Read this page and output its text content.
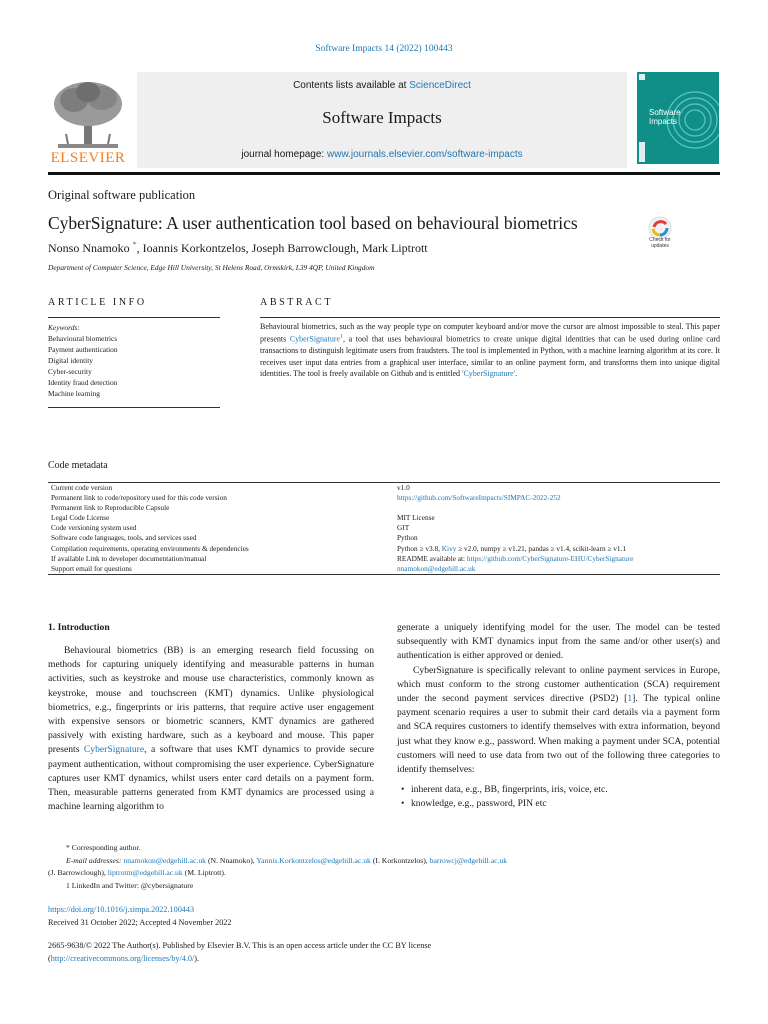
Software Impacts 14 (2022) 100443
ELSEVIER
Contents lists available at ScienceDirect
Software Impacts
journal homepage: www.journals.elsevier.com/software-impacts
Software
Impacts
Original software publication
CyberSignature: A user authentication tool based on behavioural biometrics
Nonso Nnamoko *, Ioannis Korkontzelos, Joseph Barrowclough, Mark Liptrott
Department of Computer Science, Edge Hill University, St Helens Road, Ormskirk, L39 4QP, United Kingdom
Check for
updates
ARTICLE INFO	ABSTRACT
Keywords:
Behavioural biometrics
Payment authentication
Digital identity
Cyber-security
Identity fraud detection
Machine learning
Behavioural biometrics, such as the way people type on computer keyboard and/or move the cursor are almost impossible to steal. This paper presents CyberSignature$^1$, a tool that uses behavioural biometrics to create unique digital identities that can be used during online card transactions to distinguish legitimate users from fraudsters. The tool is implemented in Python, with a machine learning algorithm at its core. It receives user input data entries from a graphical user interface, similar to an online payment form, and transforms them into unique digital identities. The tool is freely available on Github and is entitled 'CyberSignature'.
Code metadata
Current code version	v1.0
Permanent link to code/repository used for this code version	https://github.com/SoftwareImpacts/SIMPAC-2022-252
Permanent link to Reproducible Capsule	
Legal Code License	MIT License
Code versioning system used	GIT
Software code languages, tools, and services used	Python
Compilation requirements, operating environments & dependencies	Python ≥ v3.8, Kivy ≥ v2.0, numpy ≥ v1.21, pandas ≥ v1.4, scikit-learn ≥ v1.1
If available Link to developer documentation/manual	README available at: https://github.com/CyberSignature-EHU/CyberSignature
Support email for questions	nnamokon@edgehill.ac.uk
1. Introduction

Behavioural biometrics (BB) is an emerging research field focussing on methods for capturing uniquely identifying and measurable patterns in human activities, such as keystroke and mouse use characteristics, commonly known as keystroke, mouse and touchscreen (KMT) dynamics. Unlike physiological biometrics, e.g., fingerprints or iris patterns, that require active user engagement with expensive sensors or biometric scanners, KMT dynamics are gathered passively with existing hardware, such as a keyboard and mouse. This paper presents CyberSignature, a software that uses KMT dynamics to provide secure payment authentication, without compromising the user experience. CyberSignature captures user KMT dynamics, whilst users enter card details on a payment form. Then, measurable patterns generated from KMT dynamics are processed using a machine learning algorithm to

generate a uniquely identifying model for the user. The model can be tested subsequently with KMT dynamics input from the same and/or other user(s) and authentication is either approved or denied.

CyberSignature is specifically relevant to online payment services in Europe, which must conform to the strong customer authentication (SCA) requirement under the second payment services directive (PSD2) [1]. The typical online payment scenario requires a user to submit their card details via a payment form and SCA requires customers to identify themselves with extra information, beyond just what they know e.g., password. When making a payment under SCA, potential customers will need to use data from two out of the following three categories to identify themselves:

• inherent data, e.g., BB, fingerprints, iris, voice, etc.
• knowledge, e.g., password, PIN etc
* Corresponding author.
E-mail addresses: nnamokon@edgehill.ac.uk (N. Nnamoko), Yannis.Korkontzelos@edgehill.ac.uk (I. Korkontzelos), barrowcj@edgehill.ac.uk
(J. Barrowclough), liptrotm@edgehill.ac.uk (M. Liptrott).
1 LinkedIn and Twitter: @cybersignature
https://doi.org/10.1016/j.simpa.2022.100443
Received 31 October 2022; Accepted 4 November 2022
2665-9638/© 2022 The Author(s). Published by Elsevier B.V. This is an open access article under the CC BY license
(http://creativecommons.org/licenses/by/4.0/).
